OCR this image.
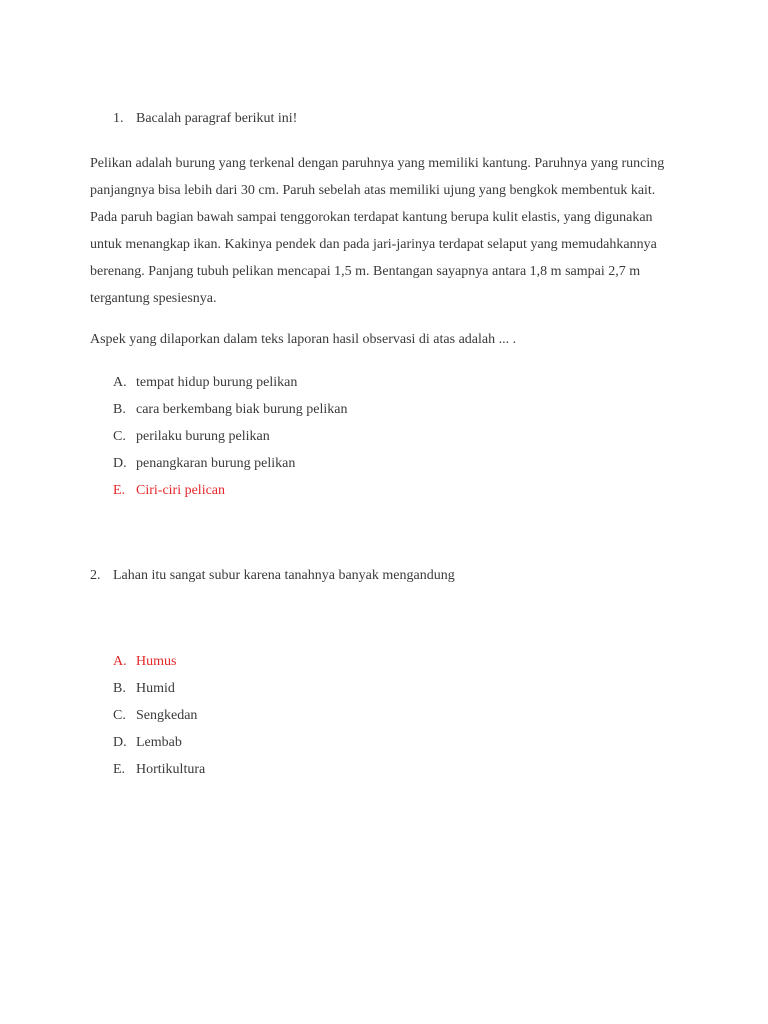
1. Bacalah paragraf berikut ini!

Pelikan adalah burung yang terkenal dengan paruhnya yang memiliki kantung. Paruhnya yang runcing panjangnya bisa lebih dari 30 cm. Paruh sebelah atas memiliki ujung yang bengkok membentuk kait. Pada paruh bagian bawah sampai tenggorokan terdapat kantung berupa kulit elastis, yang digunakan untuk menangkap ikan. Kakinya pendek dan pada jari-jarinya terdapat selaput yang memudahkannya berenang. Panjang tubuh pelikan mencapai 1,5 m. Bentangan sayapnya antara 1,8 m sampai 2,7 m tergantung spesiesnya.

Aspek yang dilaporkan dalam teks laporan hasil observasi di atas adalah ... .
A. tempat hidup burung pelikan
B. cara berkembang biak burung pelikan
C. perilaku burung pelikan
D. penangkaran burung pelikan
E. Ciri-ciri pelican
2. Lahan itu sangat subur karena tanahnya banyak mengandung
A. Humus
B. Humid
C. Sengkedan
D. Lembab
E. Hortikultura
